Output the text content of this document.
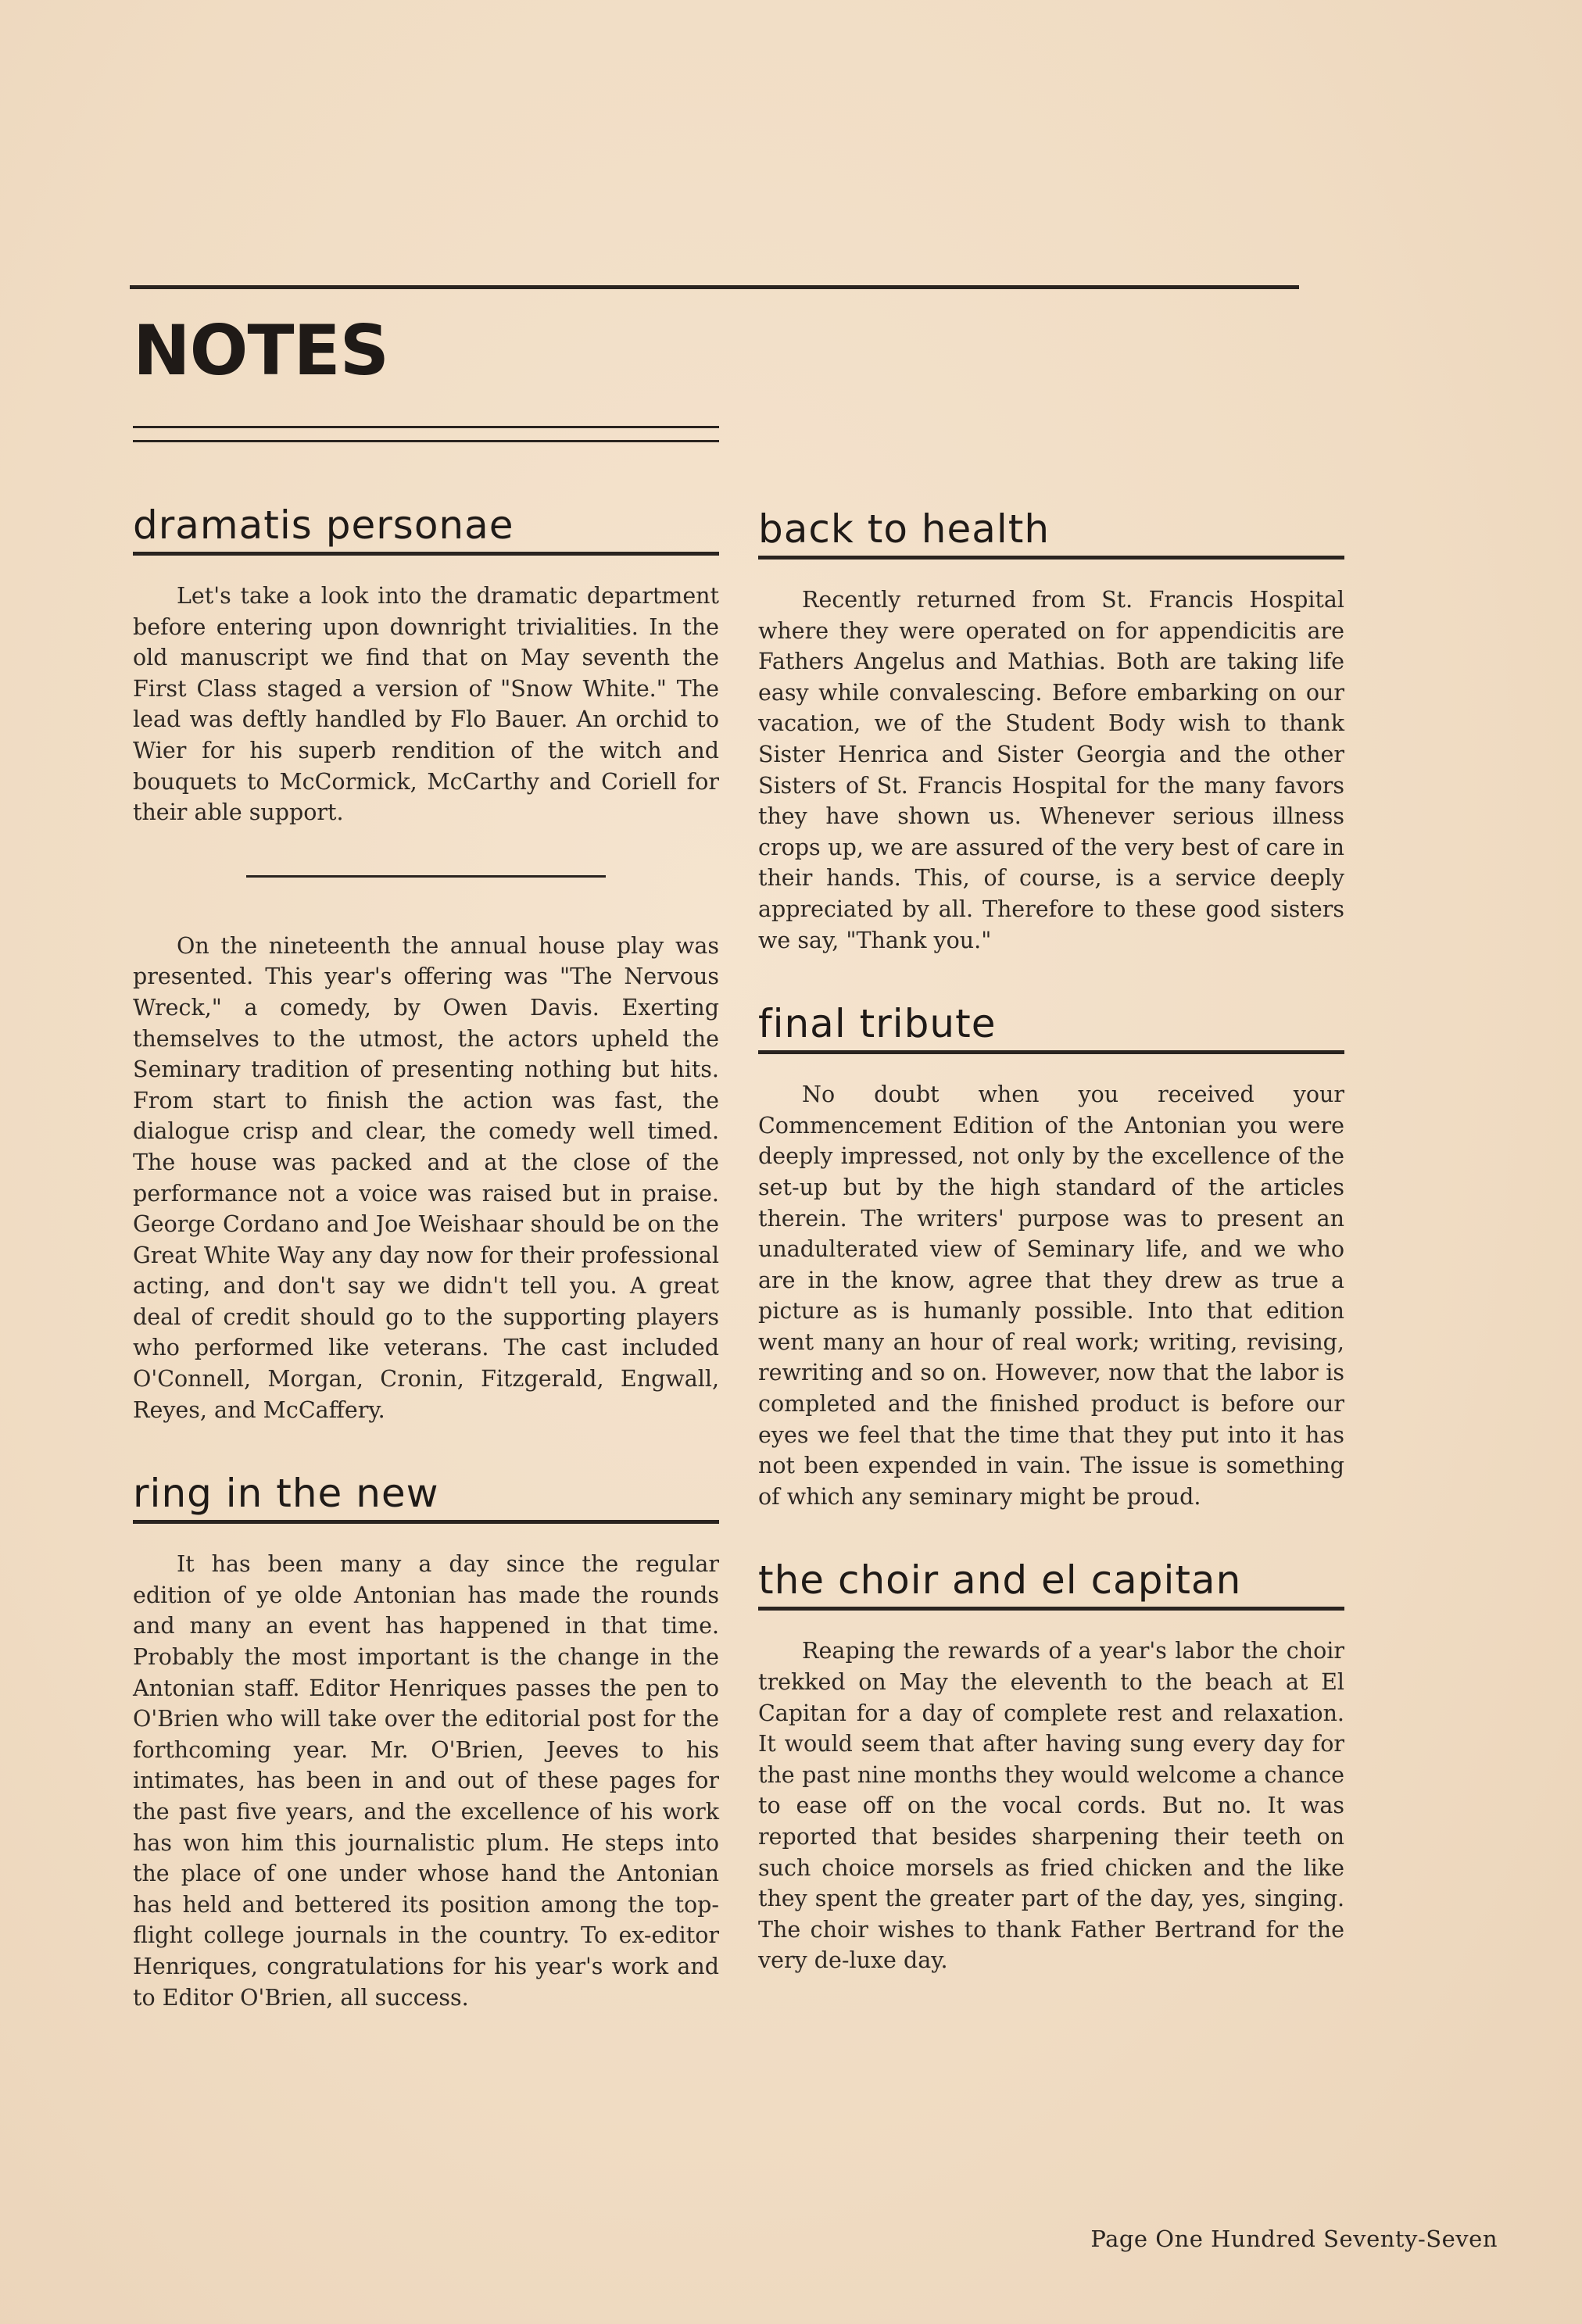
NOTES
dramatis personae

Let's take a look into the dramatic department before entering upon downright trivialities. In the old manuscript we find that on May seventh the First Class staged a version of "Snow White." The lead was deftly handled by Flo Bauer. An orchid to Wier for his superb rendition of the witch and bouquets to McCormick, McCarthy and Coriell for their able support.

On the nineteenth the annual house play was presented. This year's offering was "The Nervous Wreck," a comedy, by Owen Davis. Exerting themselves to the utmost, the actors upheld the Seminary tradition of presenting nothing but hits. From start to finish the action was fast, the dialogue crisp and clear, the comedy well timed. The house was packed and at the close of the performance not a voice was raised but in praise. George Cordano and Joe Weishaar should be on the Great White Way any day now for their professional acting, and don't say we didn't tell you. A great deal of credit should go to the supporting players who performed like veterans. The cast included O'Connell, Morgan, Cronin, Fitzgerald, Engwall, Reyes, and McCaffery.

ring in the new

It has been many a day since the regular edition of ye olde Antonian has made the rounds and many an event has happened in that time. Probably the most important is the change in the Antonian staff. Editor Henriques passes the pen to O'Brien who will take over the editorial post for the forthcoming year. Mr. O'Brien, Jeeves to his intimates, has been in and out of these pages for the past five years, and the excellence of his work has won him this journalistic plum. He steps into the place of one under whose hand the Antonian has held and bettered its position among the top-flight college journals in the country. To ex-editor Henriques, congratulations for his year's work and to Editor O'Brien, all success.

back to health

Recently returned from St. Francis Hospital where they were operated on for appendicitis are Fathers Angelus and Mathias. Both are taking life easy while convalescing. Before embarking on our vacation, we of the Student Body wish to thank Sister Henrica and Sister Georgia and the other Sisters of St. Francis Hospital for the many favors they have shown us. Whenever serious illness crops up, we are assured of the very best of care in their hands. This, of course, is a service deeply appreciated by all. Therefore to these good sisters we say, "Thank you."

final tribute

No doubt when you received your Commencement Edition of the Antonian you were deeply impressed, not only by the excellence of the set-up but by the high standard of the articles therein. The writers' purpose was to present an unadulterated view of Seminary life, and we who are in the know, agree that they drew as true a picture as is humanly possible. Into that edition went many an hour of real work; writing, revising, rewriting and so on. However, now that the labor is completed and the finished product is before our eyes we feel that the time that they put into it has not been expended in vain. The issue is something of which any seminary might be proud.

the choir and el capitan

Reaping the rewards of a year's labor the choir trekked on May the eleventh to the beach at El Capitan for a day of complete rest and relaxation. It would seem that after having sung every day for the past nine months they would welcome a chance to ease off on the vocal cords. But no. It was reported that besides sharpening their teeth on such choice morsels as fried chicken and the like they spent the greater part of the day, yes, singing. The choir wishes to thank Father Bertrand for the very de-luxe day.

Page One Hundred Seventy-Seven
